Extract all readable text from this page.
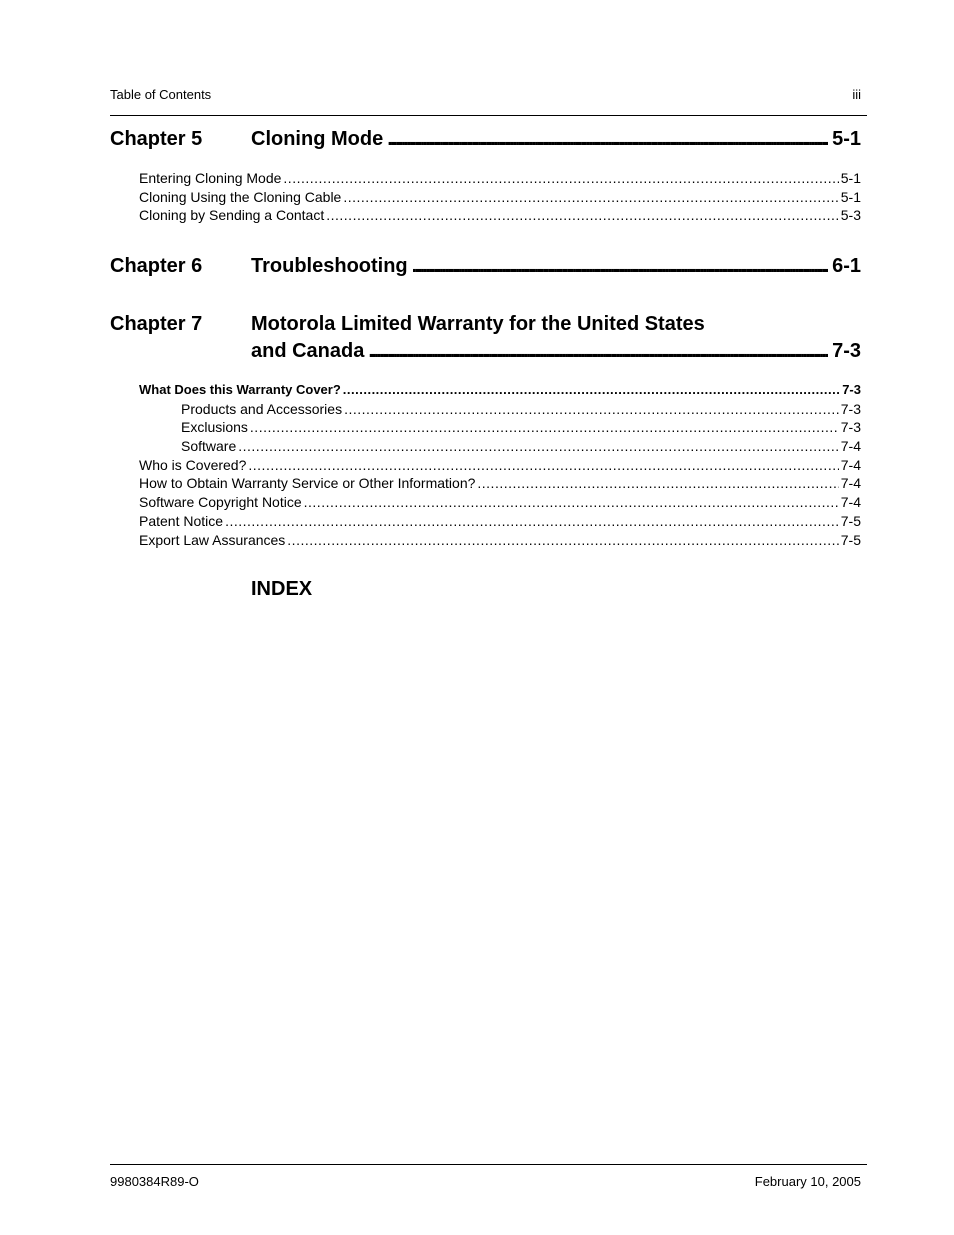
Table of Contents	iii
Chapter 5 Cloning Mode . . .	5-1
Entering Cloning Mode .....	5-1
Cloning Using the Cloning Cable .....	5-1
Cloning by Sending a Contact .....	5-3
Chapter 6 Troubleshooting . . .	6-1
Chapter 7 Motorola Limited Warranty for the United States
and Canada . . .	7-3
What Does this Warranty Cover? .....	7-3
Products and Accessories .....	7-3
Exclusions .....	7-3
Software .....	7-4
Who is Covered? .....	7-4
How to Obtain Warranty Service or Other Information? .....	7-4
Software Copyright Notice .....	7-4
Patent Notice .....	7-5
Export Law Assurances .....	7-5
INDEX
9980384R89-O	February 10, 2005
